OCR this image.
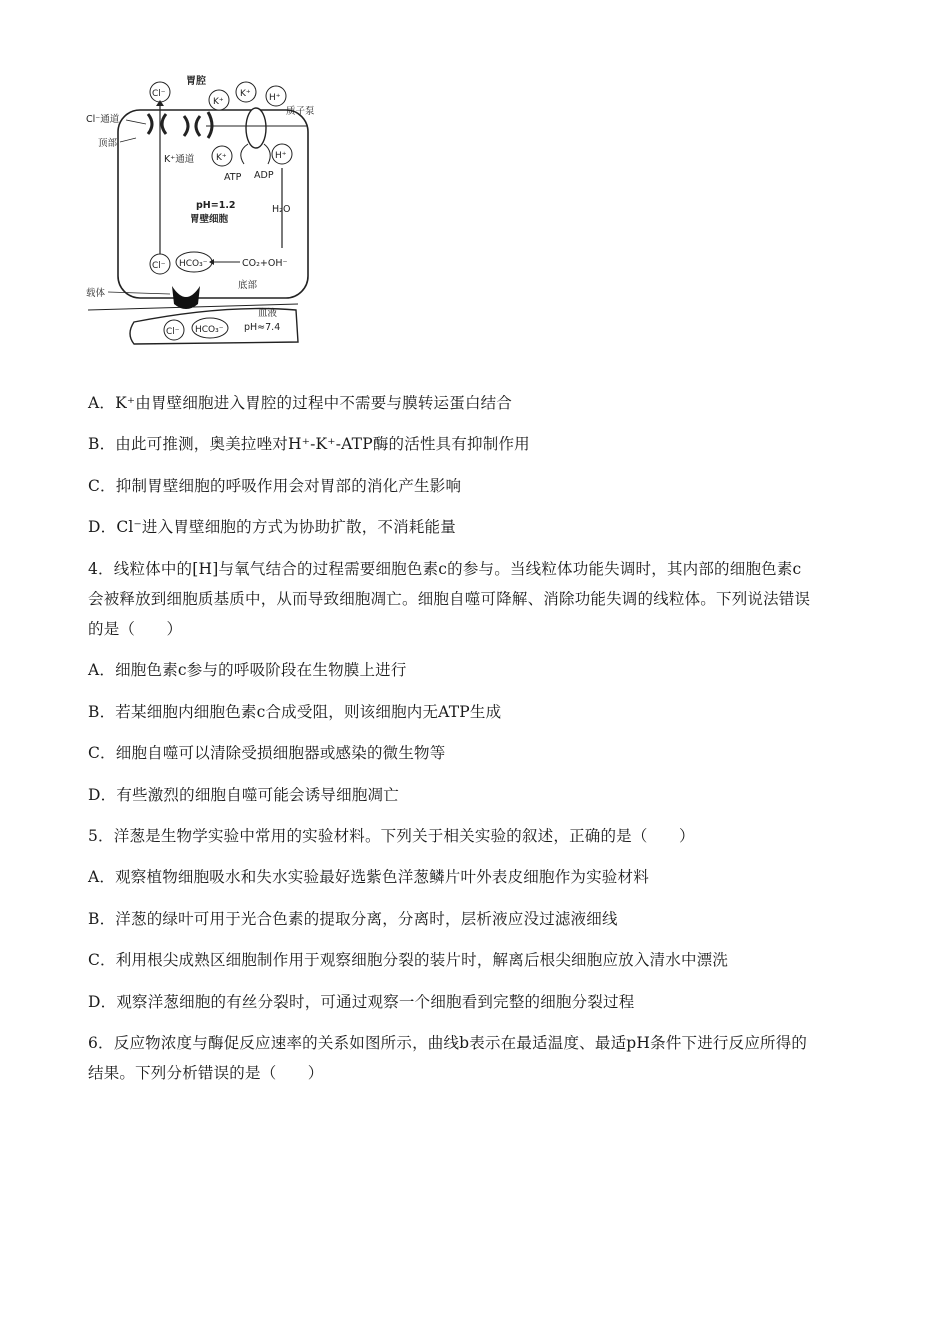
胃腔
Cl⁻
Cl⁻通道
顶部
K⁺通道
K⁺
K⁺
K⁺
H⁺
H⁺
质子泵
ATP ADP
H₂O
pH=1.2
胃壁细胞
Cl⁻ HCO₃⁻	CO₂+OH⁻
载体
底部
Cl⁻ HCO₃⁻
血液
pH≈7.4
A．K⁺由胃壁细胞进入胃腔的过程中不需要与膜转运蛋白结合
B．由此可推测，奥美拉唑对H⁺-K⁺-ATP酶的活性具有抑制作用
C．抑制胃壁细胞的呼吸作用会对胃部的消化产生影响
D．Cl⁻进入胃壁细胞的方式为协助扩散，不消耗能量
4．线粒体中的[H]与氧气结合的过程需要细胞色素c的参与。当线粒体功能失调时，其内部的细胞色素c
会被释放到细胞质基质中，从而导致细胞凋亡。细胞自噬可降解、消除功能失调的线粒体。下列说法错误
的是（　　）
A．细胞色素c参与的呼吸阶段在生物膜上进行
B．若某细胞内细胞色素c合成受阻，则该细胞内无ATP生成
C．细胞自噬可以清除受损细胞器或感染的微生物等
D．有些激烈的细胞自噬可能会诱导细胞凋亡
5．洋葱是生物学实验中常用的实验材料。下列关于相关实验的叙述，正确的是（　　）
A．观察植物细胞吸水和失水实验最好选紫色洋葱鳞片叶外表皮细胞作为实验材料
B．洋葱的绿叶可用于光合色素的提取分离，分离时，层析液应没过滤液细线
C．利用根尖成熟区细胞制作用于观察细胞分裂的装片时，解离后根尖细胞应放入清水中漂洗
D．观察洋葱细胞的有丝分裂时，可通过观察一个细胞看到完整的细胞分裂过程
6．反应物浓度与酶促反应速率的关系如图所示，曲线b表示在最适温度、最适pH条件下进行反应所得的
结果。下列分析错误的是（　　）
